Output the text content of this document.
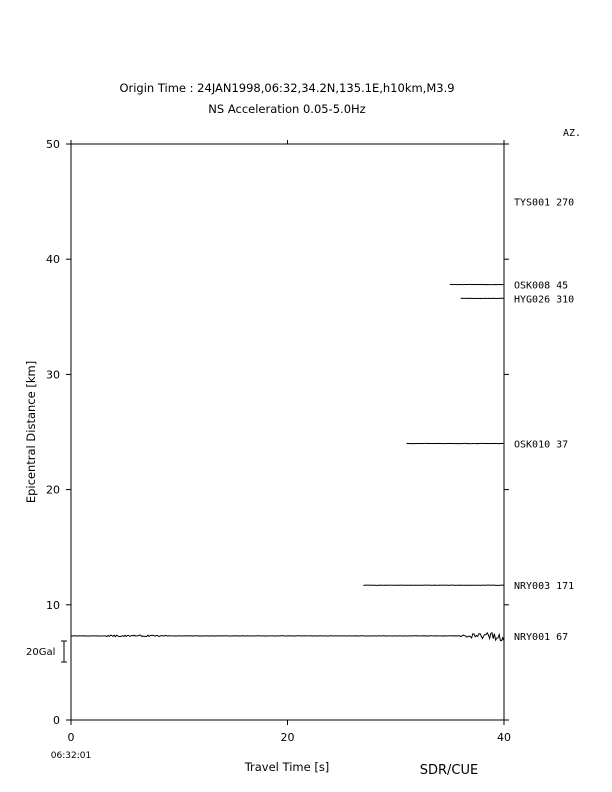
Origin Time : 24JAN1998,06:32,34.2N,135.1E,h10km,M3.9
NS Acceleration 0.05-5.0Hz
AZ.
0
10
20
30
40
50
0	20	40
TYS001 270
OSK008 45
HYG026 310
OSK010 37
NRY003 171
NRY001 67
Travel Time [s]
Epicentral Distance [km]
06:32:01
20Gal
SDR/CUE
